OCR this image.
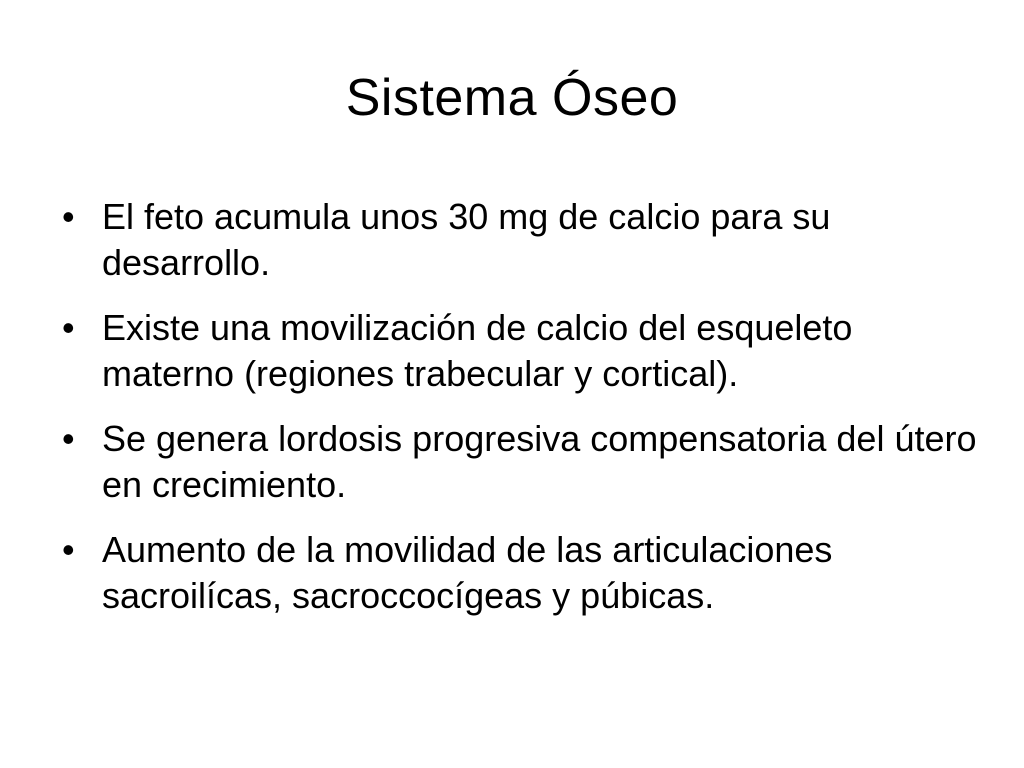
Sistema Óseo
• El feto acumula unos 30 mg de calcio para su desarrollo.
• Existe una movilización de calcio del esqueleto materno (regiones trabecular y cortical).
• Se genera lordosis progresiva compensatoria del útero en crecimiento.
• Aumento de la movilidad de las articulaciones sacroilícas, sacroccocígeas y púbicas.
